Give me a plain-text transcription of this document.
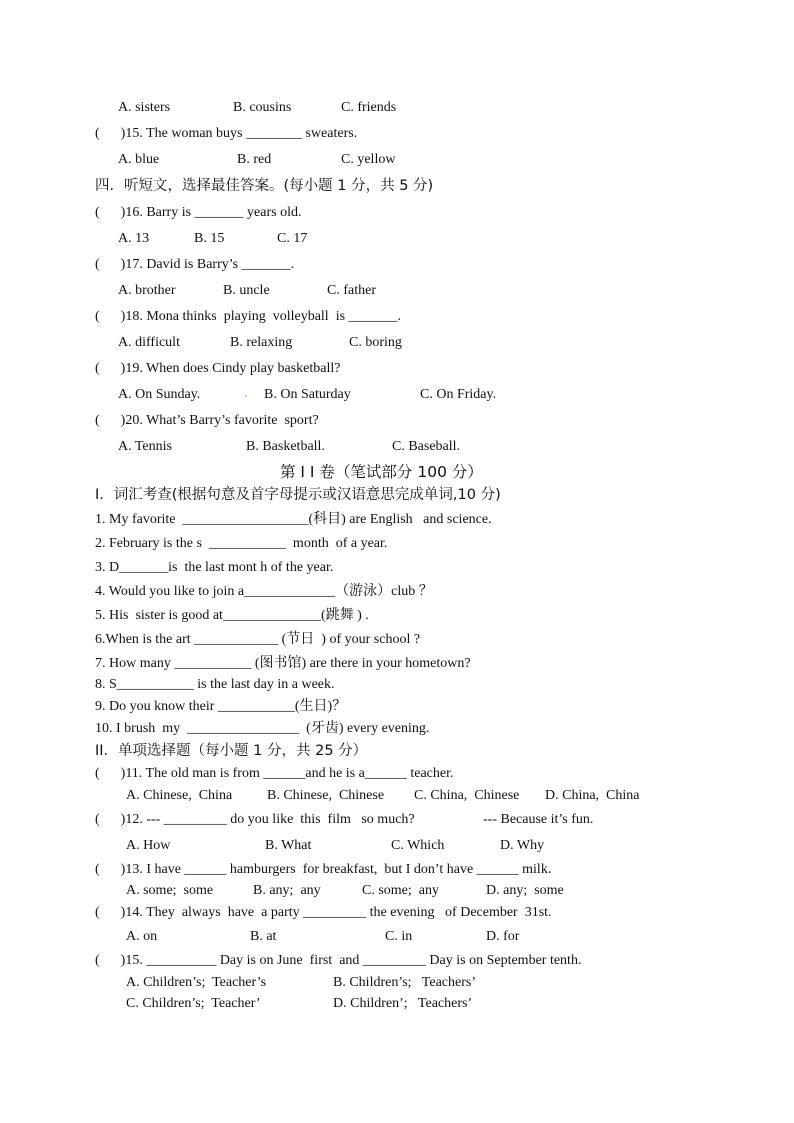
A. sisters	B. cousins	C. friends
(      )15. The woman buys ________ sweaters.
A. blue	B. red	C. yellow
四．听短文，选择最佳答案。(每小题 1 分，共 5 分)
(      )16. Barry is _______ years old.
A. 13	B. 15	C. 17
(      )17. David is Barry’s _______.
A. brother	B. uncle	C. father
(      )18. Mona thinks  playing  volleyball  is _______.
A. difficult	B. relaxing	C. boring
(      )19. When does Cindy play basketball?
A. On Sunday.	. B. On Saturday	C. On Friday.
(      )20. What’s Barry’s favorite  sport?
A. Tennis	B. Basketball.	C. Baseball.
第 I I 卷（笔试部分 100 分）
I．词汇考查(根据句意及首字母提示或汉语意思完成单词,10 分)
1. My favorite  __________________(科目) are English   and science.
2. February is the s  ___________  month  of a year.
3. D_______is  the last mont h of the year.
4. Would you like to join a_____________（游泳）club ？
5. His  sister is good at______________(跳舞 ) .
6.When is the art ____________ (节日  ) of your school ?
7. How many ___________ (图书馆) are there in your hometown?
8. S___________ is the last day in a week.
9. Do you know their ___________(生日)？
10. I brush  my  ________________  (牙齿) every evening.
II．单项选择题（每小题 1 分，共 25 分）
(      )11. The old man is from ______and he is a______ teacher.
A. Chinese,  China B. Chinese,  Chinese C. China,  Chinese D. China,  China
(      )12. --- _________ do you like  this  film   so much?	--- Because it’s fun.
A. How	B. What	C. Which	D. Why
(      )13. I have ______ hamburgers  for breakfast,  but I don’t have ______ milk.
A. some;  some	B. any;  any	C. some;  any	D. any;  some
(      )14. They  always  have  a party _________ the evening   of December  31st.
A. on	B. at	C. in	D. for
(      )15. __________ Day is on June  first  and _________ Day is on September tenth.
A. Children’s;  Teacher’s	B. Children’s;   Teachers’
C. Children’s;  Teacher’	D. Children’;   Teachers’
